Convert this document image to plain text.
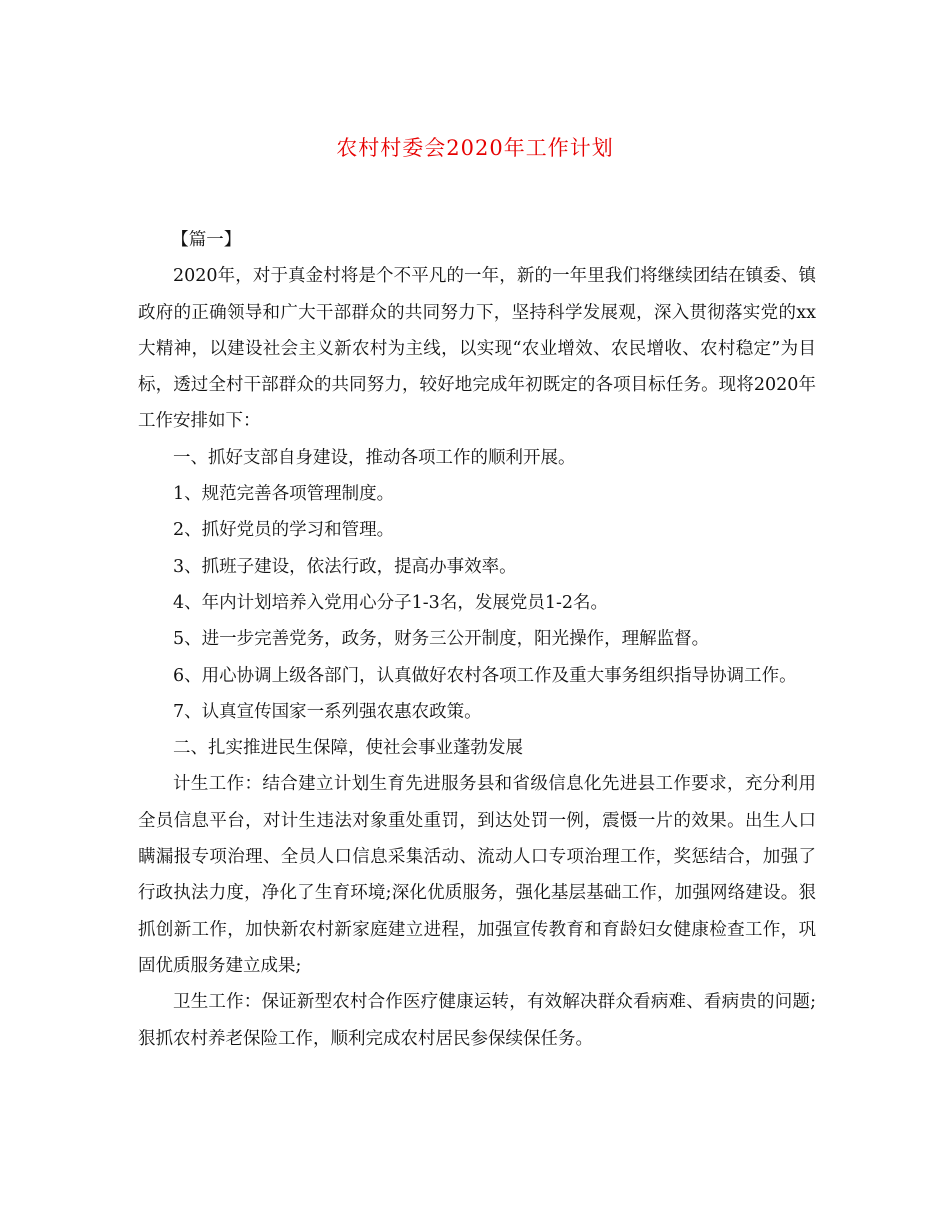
农村村委会2020年工作计划

【篇一】

2020年，对于真金村将是个不平凡的一年，新的一年里我们将继续团结在镇委、镇政府的正确领导和广大干部群众的共同努力下，坚持科学发展观，深入贯彻落实党的xx大精神，以建设社会主义新农村为主线，以实现“农业增效、农民增收、农村稳定”为目标，透过全村干部群众的共同努力，较好地完成年初既定的各项目标任务。现将2020年工作安排如下：

一、抓好支部自身建设，推动各项工作的顺利开展。

1、规范完善各项管理制度。

2、抓好党员的学习和管理。

3、抓班子建设，依法行政，提高办事效率。

4、年内计划培养入党用心分子1-3名，发展党员1-2名。

5、进一步完善党务，政务，财务三公开制度，阳光操作，理解监督。

6、用心协调上级各部门，认真做好农村各项工作及重大事务组织指导协调工作。

7、认真宣传国家一系列强农惠农政策。

二、扎实推进民生保障，使社会事业蓬勃发展

计生工作：结合建立计划生育先进服务县和省级信息化先进县工作要求，充分利用全员信息平台，对计生违法对象重处重罚，到达处罚一例，震慑一片的效果。出生人口瞒漏报专项治理、全员人口信息采集活动、流动人口专项治理工作，奖惩结合，加强了行政执法力度，净化了生育环境;深化优质服务，强化基层基础工作，加强网络建设。狠抓创新工作，加快新农村新家庭建立进程，加强宣传教育和育龄妇女健康检查工作，巩固优质服务建立成果;

卫生工作：保证新型农村合作医疗健康运转，有效解决群众看病难、看病贵的问题;狠抓农村养老保险工作，顺利完成农村居民参保续保任务。
